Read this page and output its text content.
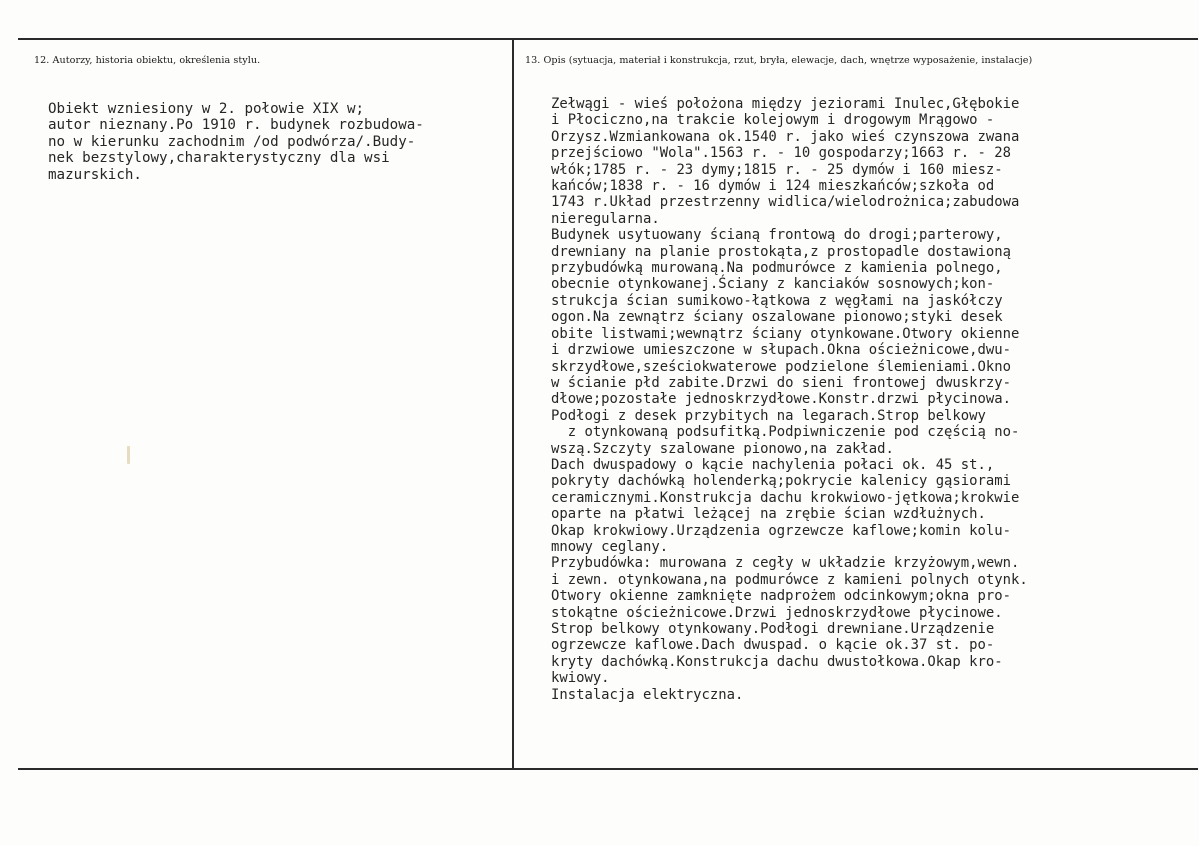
12. Autorzy, historia obiektu, określenia stylu.	13. Opis (sytuacja, materiał i konstrukcja, rzut, bryła, elewacje, dach, wnętrze wyposażenie, instalacje)
Obiekt wzniesiony w 2. połowie XIX w;
autor nieznany.Po 1910 r. budynek rozbudowa-
no w kierunku zachodnim /od podwórza/.Budy-
nek bezstylowy,charakterystyczny dla wsi
mazurskich.
Zełwągi - wieś położona między jeziorami Inulec,Głębokie
i Płociczno,na trakcie kolejowym i drogowym Mrągowo -
Orzysz.Wzmiankowana ok.1540 r. jako wieś czynszowa zwana
przejściowo "Wola".1563 r. - 10 gospodarzy;1663 r. - 28
włók;1785 r. - 23 dymy;1815 r. - 25 dymów i 160 miesz-
kańców;1838 r. - 16 dymów i 124 mieszkańców;szkoła od
1743 r.Układ przestrzenny widlica/wielodrożnica;zabudowa
nieregularna.
Budynek usytuowany ścianą frontową do drogi;parterowy,
drewniany na planie prostokąta,z prostopadle dostawioną
przybudówką murowaną.Na podmurówce z kamienia polnego,
obecnie otynkowanej.Ściany z kanciaków sosnowych;kon-
strukcja ścian sumikowo-łątkowa z węgłami na jaskółczy
ogon.Na zewnątrz ściany oszalowane pionowo;styki desek
obite listwami;wewnątrz ściany otynkowane.Otwory okienne
i drzwiowe umieszczone w słupach.Okna ościeżnicowe,dwu-
skrzydłowe,sześciokwaterowe podzielone ślemieniami.Okno
w ścianie płd zabite.Drzwi do sieni frontowej dwuskrzy-
dłowe;pozostałe jednoskrzydłowe.Konstr.drzwi płycinowa.
Podłogi z desek przybitych na legarach.Strop belkowy
z otynkowaną podsufitką.Podpiwniczenie pod częścią no-
wszą.Szczyty szalowane pionowo,na zakład.
Dach dwuspadowy o kącie nachylenia połaci ok. 45 st.,
pokryty dachówką holenderką;pokrycie kalenicy gąsiorami
ceramicznymi.Konstrukcja dachu krokwiowo-jętkowa;krokwie
oparte na płatwi leżącej na zrębie ścian wzdłużnych.
Okap krokwiowy.Urządzenia ogrzewcze kaflowe;komin kolu-
mnowy ceglany.
Przybudówka: murowana z cegły w układzie krzyżowym,wewn.
i zewn. otynkowana,na podmurówce z kamieni polnych otynk.
Otwory okienne zamknięte nadprożem odcinkowym;okna pro-
stokątne ościeżnicowe.Drzwi jednoskrzydłowe płycinowe.
Strop belkowy otynkowany.Podłogi drewniane.Urządzenie
ogrzewcze kaflowe.Dach dwuspad. o kącie ok.37 st. po-
kryty dachówką.Konstrukcja dachu dwustołkowa.Okap kro-
kwiowy.
Instalacja elektryczna.
